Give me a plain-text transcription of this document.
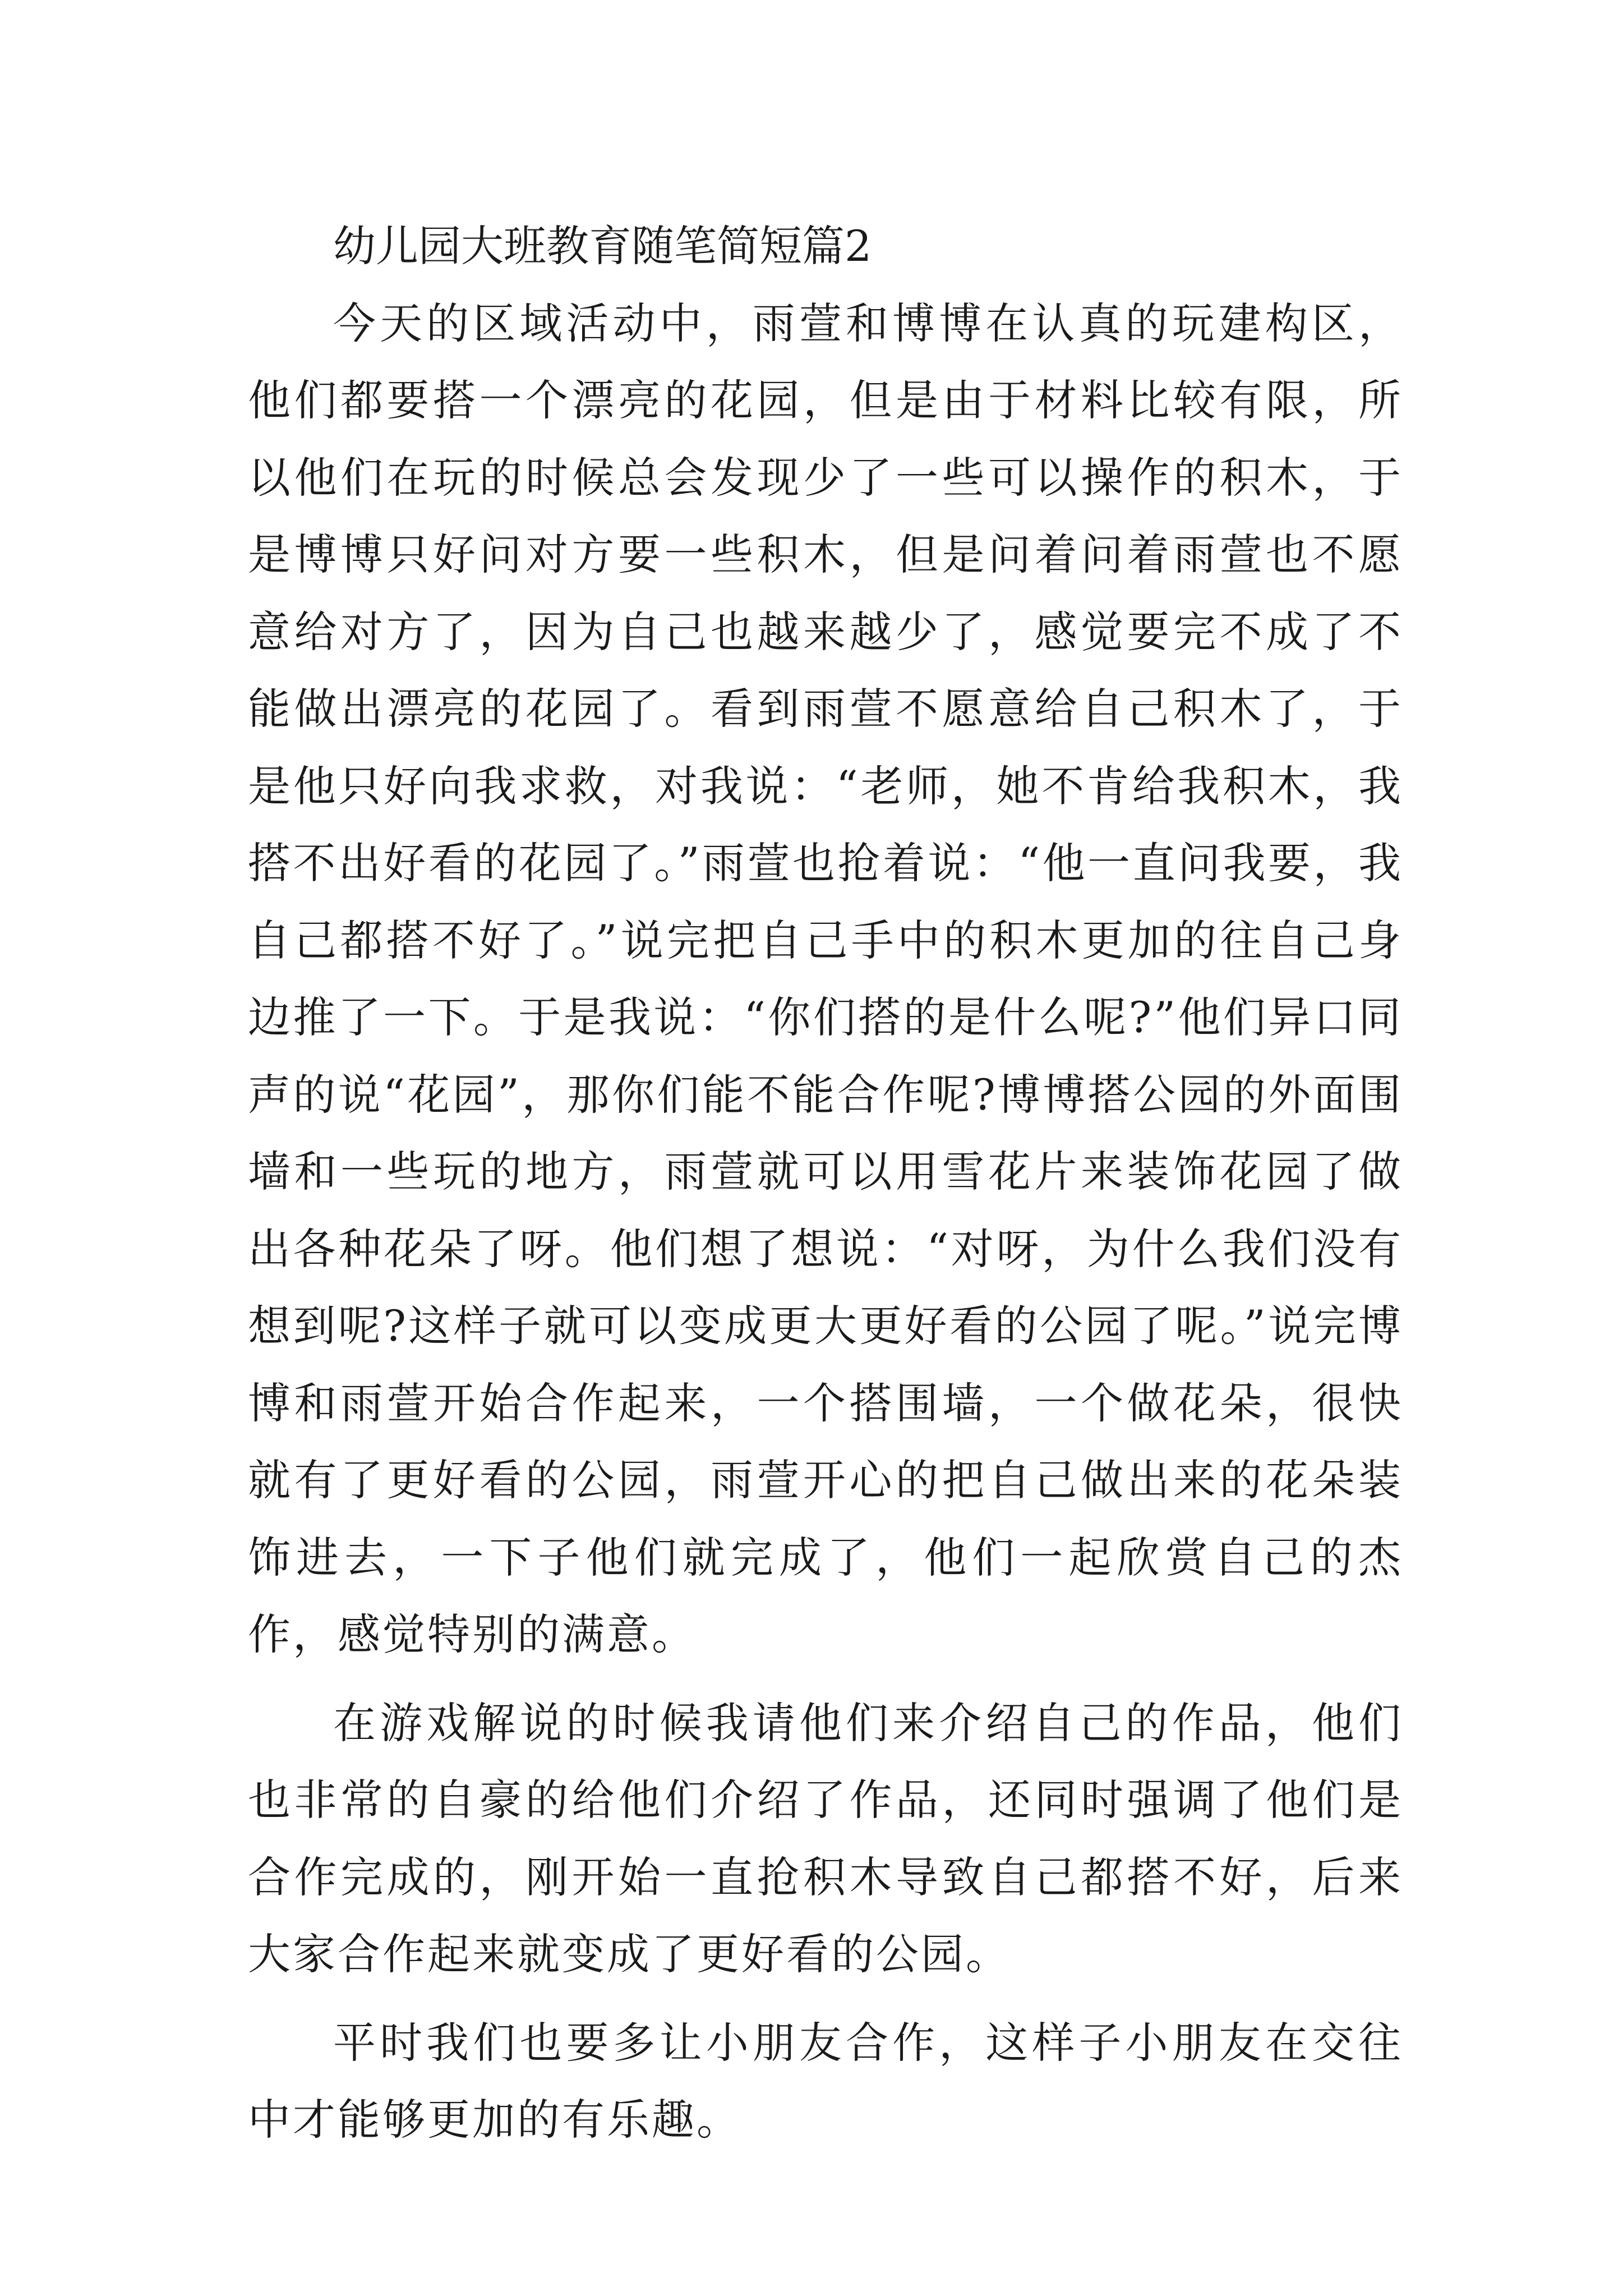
幼儿园大班教育随笔简短篇2

今天的区域活动中，雨萱和博博在认真的玩建构区，他们都要搭一个漂亮的花园，但是由于材料比较有限，所以他们在玩的时候总会发现少了一些可以操作的积木，于是博博只好问对方要一些积木，但是问着问着雨萱也不愿意给对方了，因为自己也越来越少了，感觉要完不成了不能做出漂亮的花园了。看到雨萱不愿意给自己积木了，于是他只好向我求救，对我说：“老师，她不肯给我积木，我搭不出好看的花园了。”雨萱也抢着说：“他一直问我要，我自己都搭不好了。”说完把自己手中的积木更加的往自己身边推了一下。于是我说：“你们搭的是什么呢?”他们异口同声的说“花园”，那你们能不能合作呢?博博搭公园的外面围墙和一些玩的地方，雨萱就可以用雪花片来装饰花园了做出各种花朵了呀。他们想了想说：“对呀，为什么我们没有想到呢?这样子就可以变成更大更好看的公园了呢。”说完博博和雨萱开始合作起来，一个搭围墙，一个做花朵，很快就有了更好看的公园，雨萱开心的把自己做出来的花朵装饰进去，一下子他们就完成了，他们一起欣赏自己的杰作，感觉特别的满意。

在游戏解说的时候我请他们来介绍自己的作品，他们也非常的自豪的给他们介绍了作品，还同时强调了他们是合作完成的，刚开始一直抢积木导致自己都搭不好，后来大家合作起来就变成了更好看的公园。

平时我们也要多让小朋友合作，这样子小朋友在交往中才能够更加的有乐趣。
